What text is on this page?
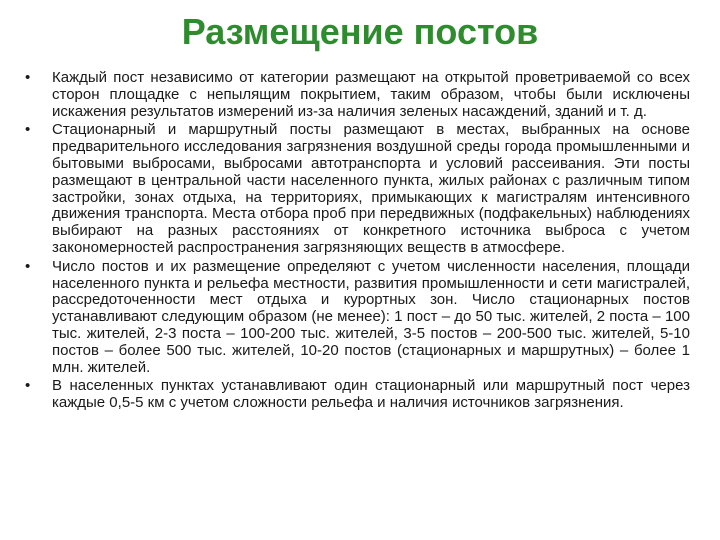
Размещение постов
• Каждый пост независимо от категории размещают на открытой проветриваемой со всех сторон площадке с непылящим покрытием, таким образом, чтобы были исключены искажения результатов измерений из-за наличия зеленых насаждений, зданий и т. д.
• Стационарный и маршрутный посты размещают в местах, выбранных на основе предварительного исследования загрязнения воздушной среды города промышленными и бытовыми выбросами, выбросами автотранспорта и условий рассеивания. Эти посты размещают в центральной части населенного пункта, жилых районах с различным типом застройки, зонах отдыха, на территориях, примыкающих к магистралям интенсивного движения транспорта. Места отбора проб при передвижных (подфакельных) наблюдениях выбирают на разных расстояниях от конкретного источника выброса с учетом закономерностей распространения загрязняющих веществ в атмосфере.
• Число постов и их размещение определяют с учетом численности населения, площади населенного пункта и рельефа местности, развития промышленности и сети магистралей, рассредоточенности мест отдыха и курортных зон. Число стационарных постов устанавливают следующим образом (не менее): 1 пост – до 50 тыс. жителей, 2 поста – 100 тыс. жителей, 2-3 поста – 100-200 тыс. жителей, 3-5 постов – 200-500 тыс. жителей, 5-10 постов – более 500 тыс. жителей, 10-20 постов (стационарных и маршрутных) – более 1 млн. жителей.
• В населенных пунктах устанавливают один стационарный или маршрутный пост через каждые 0,5-5 км с учетом сложности рельефа и наличия источников загрязнения.
